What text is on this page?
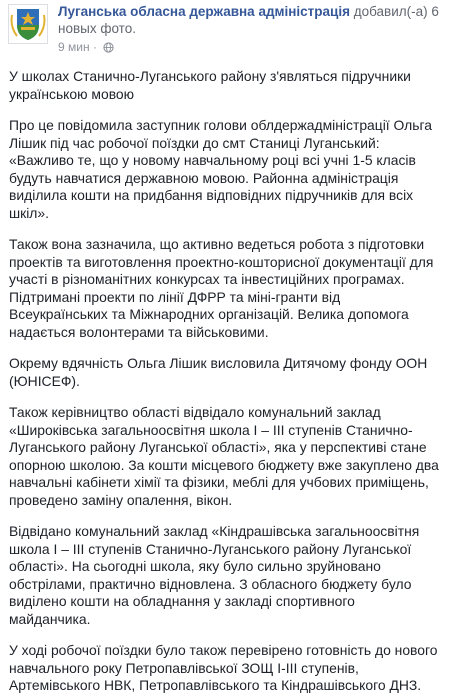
Луганська обласна державна адміністрація добавил(-а) 6 новых фото.
9 мин ·

У школах Станично-Луганського району з'являться підручники українською мовою

Про це повідомила заступник голови облдержадміністрації Ольга Лішик під час робочої поїздки до смт Станиці Луганський: «Важливо те, що у новому навчальному році всі учні 1-5 класів будуть навчатися державною мовою. Районна адміністрація виділила кошти на придбання відповідних підручників для всіх шкіл».

Також вона зазначила, що активно ведеться робота з підготовки проектів та виготовлення проектно-кошторисної документації для участі в різноманітних конкурсах та інвестиційних програмах. Підтримані проекти по лінії ДФРР та міні-гранти від Всеукраїнських та Міжнародних організацій. Велика допомога надається волонтерами та військовими.

Окрему вдячність Ольга Лішик висловила Дитячому фонду ООН (ЮНІСЕФ).

Також керівництво області відвідало комунальний заклад «Широківська загальноосвітня школа І – ІІІ ступенів Станично-Луганського району Луганської області», яка у перспективі стане опорною школою. За кошти місцевого бюджету вже закуплено два навчальні кабінети хімії та фізики, меблі для учбових приміщень, проведено заміну опалення, вікон.

Відвідано комунальний заклад «Кіндрашівська загальноосвітня школа І – ІІІ ступенів Станично-Луганського району Луганської області». На сьогодні школа, яку було сильно зруйновано обстрілами, практично відновлена. З обласного бюджету було виділено кошти на обладнання у закладі спортивного майданчика.

У ході робочої поїздки було також перевірено готовність до нового навчального року Петропавлівської ЗОЩ І-ІІІ ступенів, Артемівського НВК, Петропавлівського та Кіндрашівського ДНЗ.
